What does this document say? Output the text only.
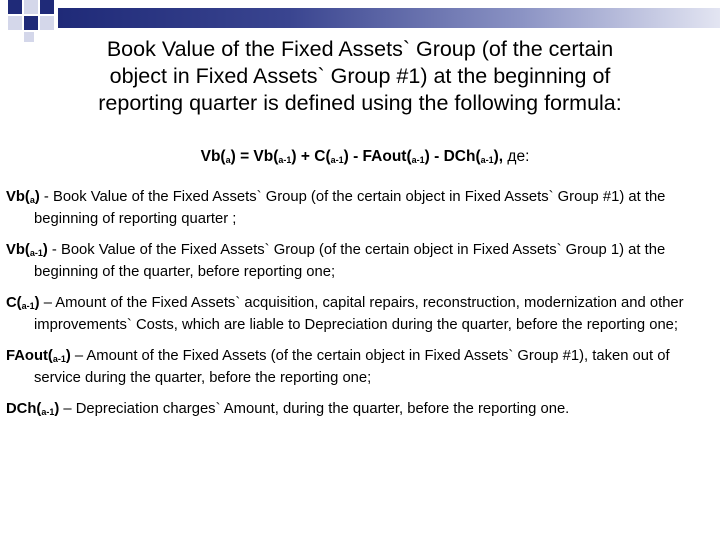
Book Value of the Fixed Assets` Group (of the certain
object in Fixed Assets` Group #1) at the beginning of
reporting quarter is defined using the following formula:
$Vb(_a) = Vb(_{a-1}) + C(_{a-1})$ - $FAout(_{a-1}) - DCh(_{a-1})$, де:

$Vb(_a)$ - Book Value of the Fixed Assets` Group (of the certain object in Fixed Assets` Group #1) at the beginning of reporting quarter ;

$Vb(_{a-1})$ - Book Value of the Fixed Assets` Group (of the certain object in Fixed Assets` Group 1) at the beginning of the quarter, before reporting one;

$C(_{a-1})$ – Amount of the Fixed Assets` acquisition, capital repairs, reconstruction, modernization and other improvements` Costs, which are liable to Depreciation during the quarter, before the reporting one;

$FAout(_{a-1})$ – Amount of the Fixed Assets (of the certain object in Fixed Assets` Group #1), taken out of service during the quarter, before the reporting one;

$DCh(_{a-1})$ – Depreciation charges` Amount, during the quarter, before the reporting one.
